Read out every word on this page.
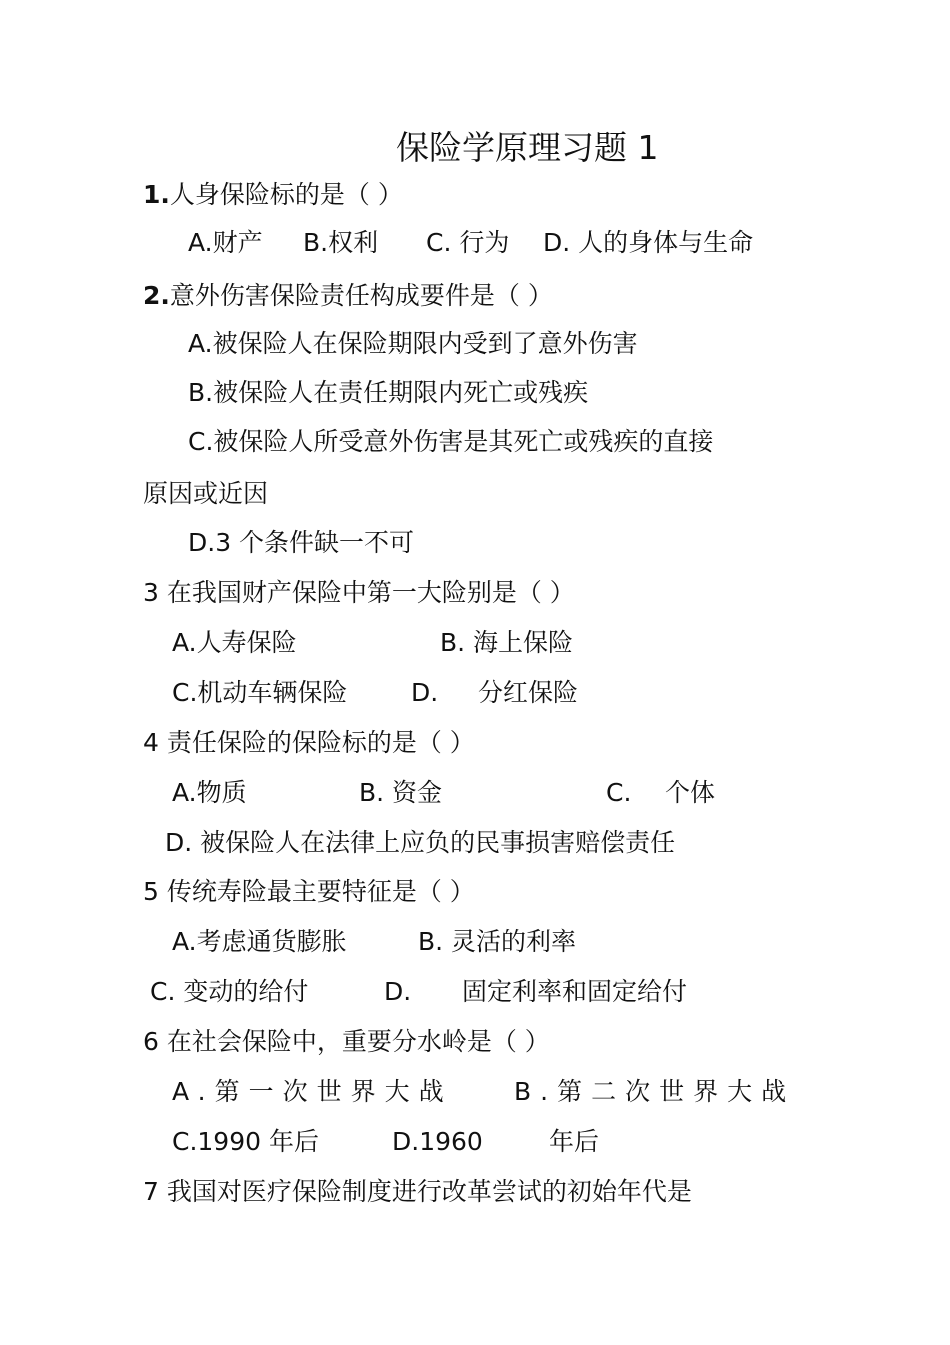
保险学原理习题 1
1.人身保险标的是（ ）
A.财产 B.权利 C. 行为 D. 人的身体与生命
2.意外伤害保险责任构成要件是（ ）
A.被保险人在保险期限内受到了意外伤害
B.被保险人在责任期限内死亡或残疾
C.被保险人所受意外伤害是其死亡或残疾的直接
原因或近因
D.3 个条件缺一不可
3 在我国财产保险中第一大险别是（ ）
A.人寿保险	B. 海上保险
C.机动车辆保险	D. 分红保险
4 责任保险的保险标的是（ ）
A.物质	B. 资金	C. 个体
D. 被保险人在法律上应负的民事损害赔偿责任
5 传统寿险最主要特征是（ ）
A.考虑通货膨胀	B. 灵活的利率
C. 变动的给付	D. 固定利率和固定给付
6 在社会保险中，重要分水岭是（ ）
A.第一次世界大战 B.第二次世界大战
C.1990 年后	D.1960	年后
7 我国对医疗保险制度进行改革尝试的初始年代是
